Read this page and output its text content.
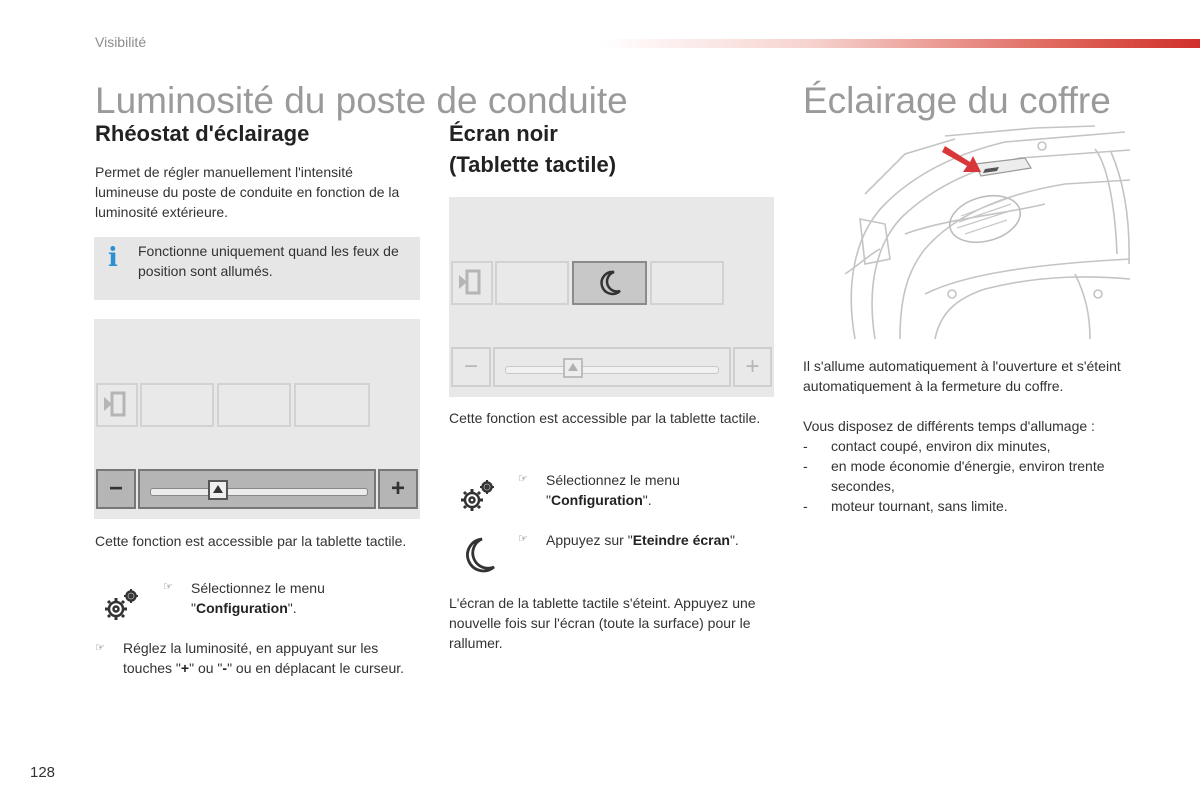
Visibilité
Luminosité du poste de conduite
Rhéostat d'éclairage
Permet de régler manuellement l'intensité lumineuse du poste de conduite en fonction de la luminosité extérieure.
i Fonctionne uniquement quand les feux de position sont allumés.
−	+
Cette fonction est accessible par la tablette tactile.
☞ Sélectionnez le menu "Configuration".
☞ Réglez la luminosité, en appuyant sur les touches "+" ou "-" ou en déplacant le curseur.
Écran noir
(Tablette tactile)
−	+
Cette fonction est accessible par la tablette tactile.
☞ Sélectionnez le menu "Configuration".
☞ Appuyez sur "Eteindre écran".
L'écran de la tablette tactile s'éteint. Appuyez une nouvelle fois sur l'écran (toute la surface) pour le rallumer.
Éclairage du coffre
Il s'allume automatiquement à l'ouverture et s'éteint automatiquement à la fermeture du coffre.
Vous disposez de différents temps d'allumage :
- contact coupé, environ dix minutes,
- en mode économie d'énergie, environ trente secondes,
- moteur tournant, sans limite.
128
